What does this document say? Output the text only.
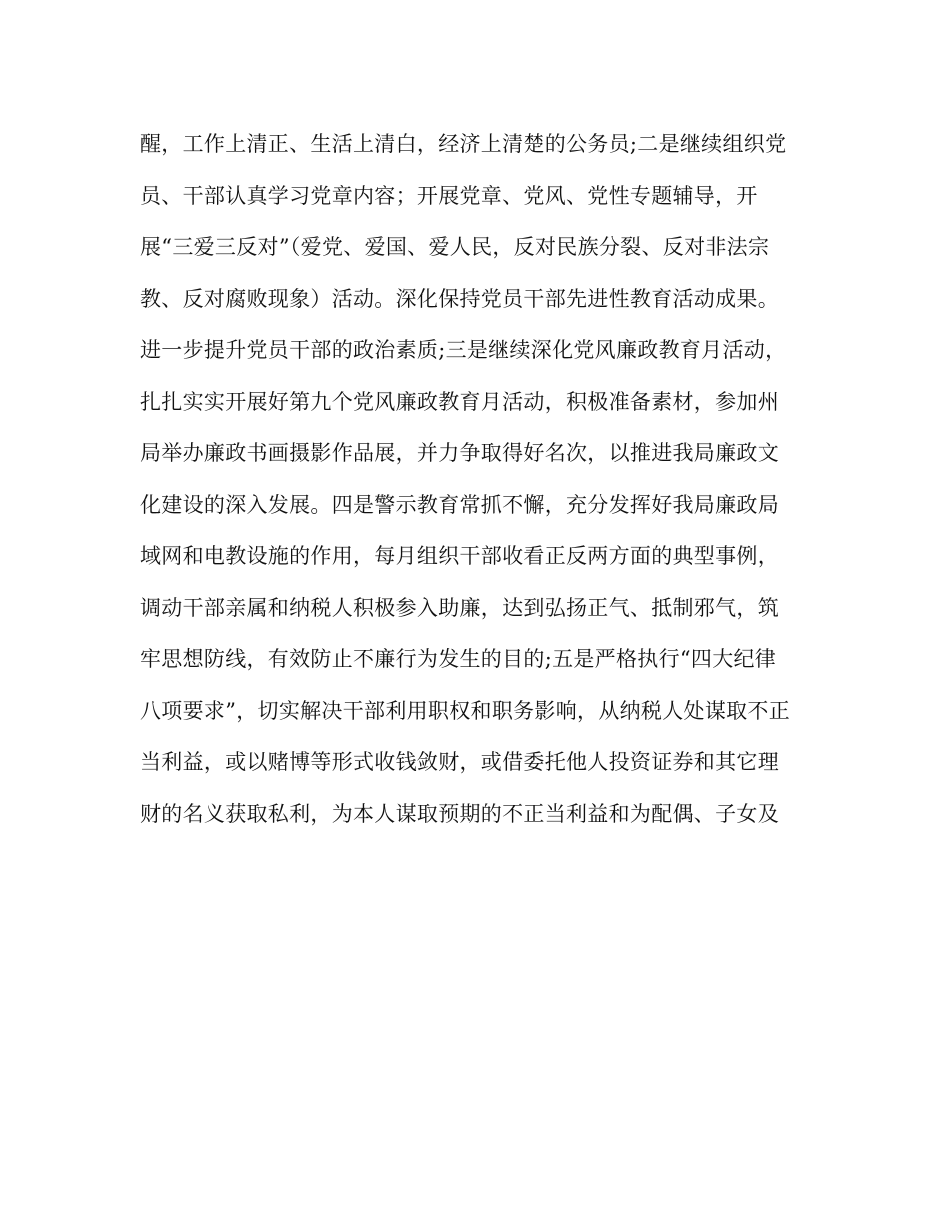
醒，工作上清正、生活上清白，经济上清楚的公务员;二是继续组织党
员、干部认真学习党章内容；开展党章、党风、党性专题辅导，开
展“三爱三反对”（爱党、爱国、爱人民，反对民族分裂、反对非法宗
教、反对腐败现象）活动。深化保持党员干部先进性教育活动成果。
进一步提升党员干部的政治素质;三是继续深化党风廉政教育月活动，
扎扎实实开展好第九个党风廉政教育月活动，积极准备素材，参加州
局举办廉政书画摄影作品展，并力争取得好名次，以推进我局廉政文
化建设的深入发展。四是警示教育常抓不懈，充分发挥好我局廉政局
域网和电教设施的作用，每月组织干部收看正反两方面的典型事例，
调动干部亲属和纳税人积极参入助廉，达到弘扬正气、抵制邪气，筑
牢思想防线，有效防止不廉行为发生的目的;五是严格执行“四大纪律
八项要求”，切实解决干部利用职权和职务影响，从纳税人处谋取不正
当利益，或以赌博等形式收钱敛财，或借委托他人投资证券和其它理
财的名义获取私利，为本人谋取预期的不正当利益和为配偶、子女及
